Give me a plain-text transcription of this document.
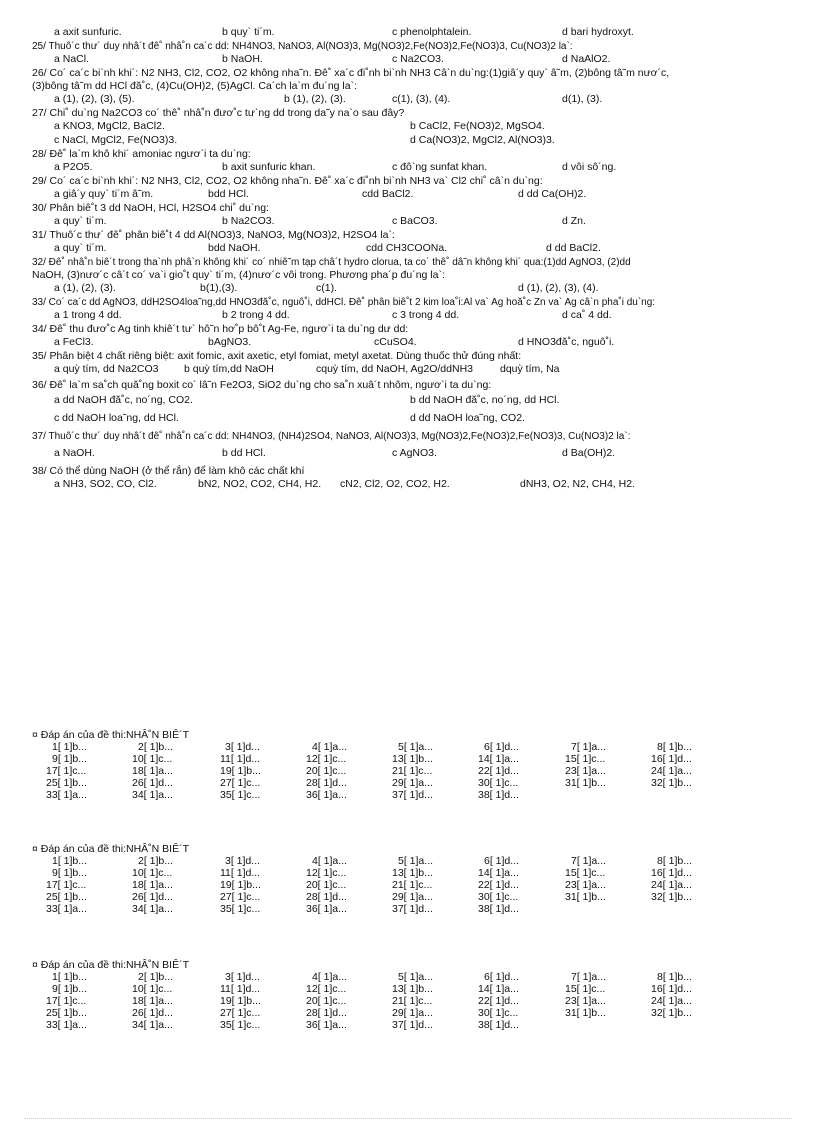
a axit sunfuric.	b quy` ti´m.	c phenolphtalein.	d bari hydroxyt.
25/ Thuô´c thư´ duy nhâ´t đê˚ nhâ˚n ca´c dd: NH4NO3, NaNO3, Al(NO3)3, Mg(NO3)2,Fe(NO3)2,Fe(NO3)3, Cu(NO3)2 la`:
a NaCl.	b NaOH.	c Na2CO3.	d NaAlO2.
26/ Co´ ca´c bi`nh khi´: N2 NH3, Cl2, CO2, O2 không nha˜n. Đê˚ xa´c đi˚nh bi`nh NH3 Câ`n du`ng:(1)giâ´y quy` â˜m, (2)bông tâ˜m nươ´c,
(3)bông tâ˜m dd HCl đă˚c, (4)Cu(OH)2, (5)AgCl. Ca´ch la`m đu´ng la`:
a (1), (2), (3), (5).	b (1), (2), (3).	c(1), (3), (4).	d(1), (3).
27/ Chi˚ du`ng Na2CO3 co´ thê˚ nhâ˚n đươ˚c tư`ng dd trong da˜y na`o sau đây?
a KNO3, MgCl2, BaCl2.	b CaCl2, Fe(NO3)2, MgSO4.
c NaCl, MgCl2, Fe(NO3)3.	d Ca(NO3)2, MgCl2, Al(NO3)3.
28/ Đê˚ la`m khô khi´ amoniac ngươ`i ta du`ng:
a P2O5.	b axit sunfuric khan.	c đô`ng sunfat khan.	d vôi sô´ng.
29/ Co´ ca´c bi`nh khi´: N2 NH3, Cl2, CO2, O2 không nha˜n. Đê˚ xa´c đi˚nh bi`nh NH3 va` Cl2 chi˚ câ`n du`ng:
a giâ´y quy` ti´m â˜m.	bdd HCl.	cdd BaCl2.	d dd Ca(OH)2.
30/ Phân biê˚t 3 dd NaOH, HCl, H2SO4 chi˚ du`ng:
a quy` ti´m.	b Na2CO3.	c BaCO3.	d Zn.
31/ Thuô´c thư´ đê˚ phân biê˚t 4 dd Al(NO3)3, NaNO3, Mg(NO3)2, H2SO4 la`:
a quy` ti´m.	bdd NaOH.	cdd CH3COONa.	d dd BaCl2.
32/ Đê˚ nhâ˚n biê´t trong tha`nh phâ`n không khi´ co´ nhiê˜m tạp châ´t hydro clorua, ta co´ thê˚ dâ˜n không khi´ qua:(1)dd AgNO3, (2)dd
NaOH, (3)nươ´c câ´t co´ va`i gio˚t quy` ti´m, (4)nươ´c vôi trong. Phương pha´p đu´ng la`:
a (1), (2), (3).	b(1),(3).	c(1).	d (1), (2), (3), (4).
33/ Co´ ca´c dd AgNO3, ddH2SO4loa˜ng,dd HNO3đă˚c, nguô˚i, ddHCl. Đê˚ phân biê˚t 2 kim loa˚i:Al va` Ag hoă˚c Zn va` Ag câ`n pha˚i du`ng:
a 1 trong 4 dd.	b 2 trong 4 dd.	c 3 trong 4 dd.	d ca˚ 4 dd.
34/ Đê˚ thu đươ˚c Ag tinh khiê´t tư` hô˜n hơ˚p bô˚t Ag-Fe, ngươ`i ta du`ng dư dd:
a FeCl3.	bAgNO3.	cCuSO4.	d HNO3đă˚c, nguô˚i.
35/ Phân biệt 4 chất riêng biệt: axit fomic, axit axetic, etyl fomiat, metyl axetat. Dùng thuốc thử đúng nhất:
a quỳ tím, dd Na2CO3 b quỳ tím,dd NaOH	cquỳ tím, dd NaOH, Ag2O/ddNH3	dquỳ tím, Na
36/ Đê˚ la`m sa˚ch quă˚ng boxit co´ lâ˜n Fe2O3, SiO2 du`ng cho sa˚n xuâ´t nhôm, ngươ`i ta du`ng:
a dd NaOH đă˚c, no´ng, CO2.	b dd NaOH đă˚c, no´ng, dd HCl.
c dd NaOH loa˜ng, dd HCl.	d dd NaOH loa˜ng, CO2.
37/ Thuô´c thư´ duy nhâ´t đê˚ nhâ˚n ca´c dd: NH4NO3, (NH4)2SO4, NaNO3, Al(NO3)3, Mg(NO3)2,Fe(NO3)2,Fe(NO3)3, Cu(NO3)2 la`:
a NaOH.	b dd HCl.	c AgNO3.	d Ba(OH)2.
38/ Có thể dùng NaOH (ở thể rắn) để làm khô các chất khí
a NH3, SO2, CO, Cl2.	bN2, NO2, CO2, CH4, H2. cN2, Cl2, O2, CO2, H2.	dNH3, O2, N2, CH4, H2.
¤ Đáp án của đề thi:NHÂ˚N BIÊ´T
1[ 1]b...	2[ 1]b...	3[ 1]d...	4[ 1]a...	5[ 1]a...	6[ 1]d...	7[ 1]a...	8[ 1]b...
9[ 1]b...	10[ 1]c...	11[ 1]d...	12[ 1]c...	13[ 1]b...	14[ 1]a...	15[ 1]c...	16[ 1]d...
17[ 1]c...	18[ 1]a...	19[ 1]b...	20[ 1]c...	21[ 1]c...	22[ 1]d...	23[ 1]a...	24[ 1]a...
25[ 1]b...	26[ 1]d...	27[ 1]c...	28[ 1]d...	29[ 1]a...	30[ 1]c...	31[ 1]b...	32[ 1]b...
33[ 1]a...	34[ 1]a...	35[ 1]c...	36[ 1]a...	37[ 1]d...	38[ 1]d...
¤ Đáp án của đề thi:NHÂ˚N BIÊ´T
1[ 1]b...	2[ 1]b...	3[ 1]d...	4[ 1]a...	5[ 1]a...	6[ 1]d...	7[ 1]a...	8[ 1]b...
9[ 1]b...	10[ 1]c...	11[ 1]d...	12[ 1]c...	13[ 1]b...	14[ 1]a...	15[ 1]c...	16[ 1]d...
17[ 1]c...	18[ 1]a...	19[ 1]b...	20[ 1]c...	21[ 1]c...	22[ 1]d...	23[ 1]a...	24[ 1]a...
25[ 1]b...	26[ 1]d...	27[ 1]c...	28[ 1]d...	29[ 1]a...	30[ 1]c...	31[ 1]b...	32[ 1]b...
33[ 1]a...	34[ 1]a...	35[ 1]c...	36[ 1]a...	37[ 1]d...	38[ 1]d...
¤ Đáp án của đề thi:NHÂ˚N BIÊ´T
1[ 1]b...	2[ 1]b...	3[ 1]d...	4[ 1]a...	5[ 1]a...	6[ 1]d...	7[ 1]a...	8[ 1]b...
9[ 1]b...	10[ 1]c...	11[ 1]d...	12[ 1]c...	13[ 1]b...	14[ 1]a...	15[ 1]c...	16[ 1]d...
17[ 1]c...	18[ 1]a...	19[ 1]b...	20[ 1]c...	21[ 1]c...	22[ 1]d...	23[ 1]a...	24[ 1]a...
25[ 1]b...	26[ 1]d...	27[ 1]c...	28[ 1]d...	29[ 1]a...	30[ 1]c...	31[ 1]b...	32[ 1]b...
33[ 1]a...	34[ 1]a...	35[ 1]c...	36[ 1]a...	37[ 1]d...	38[ 1]d...
